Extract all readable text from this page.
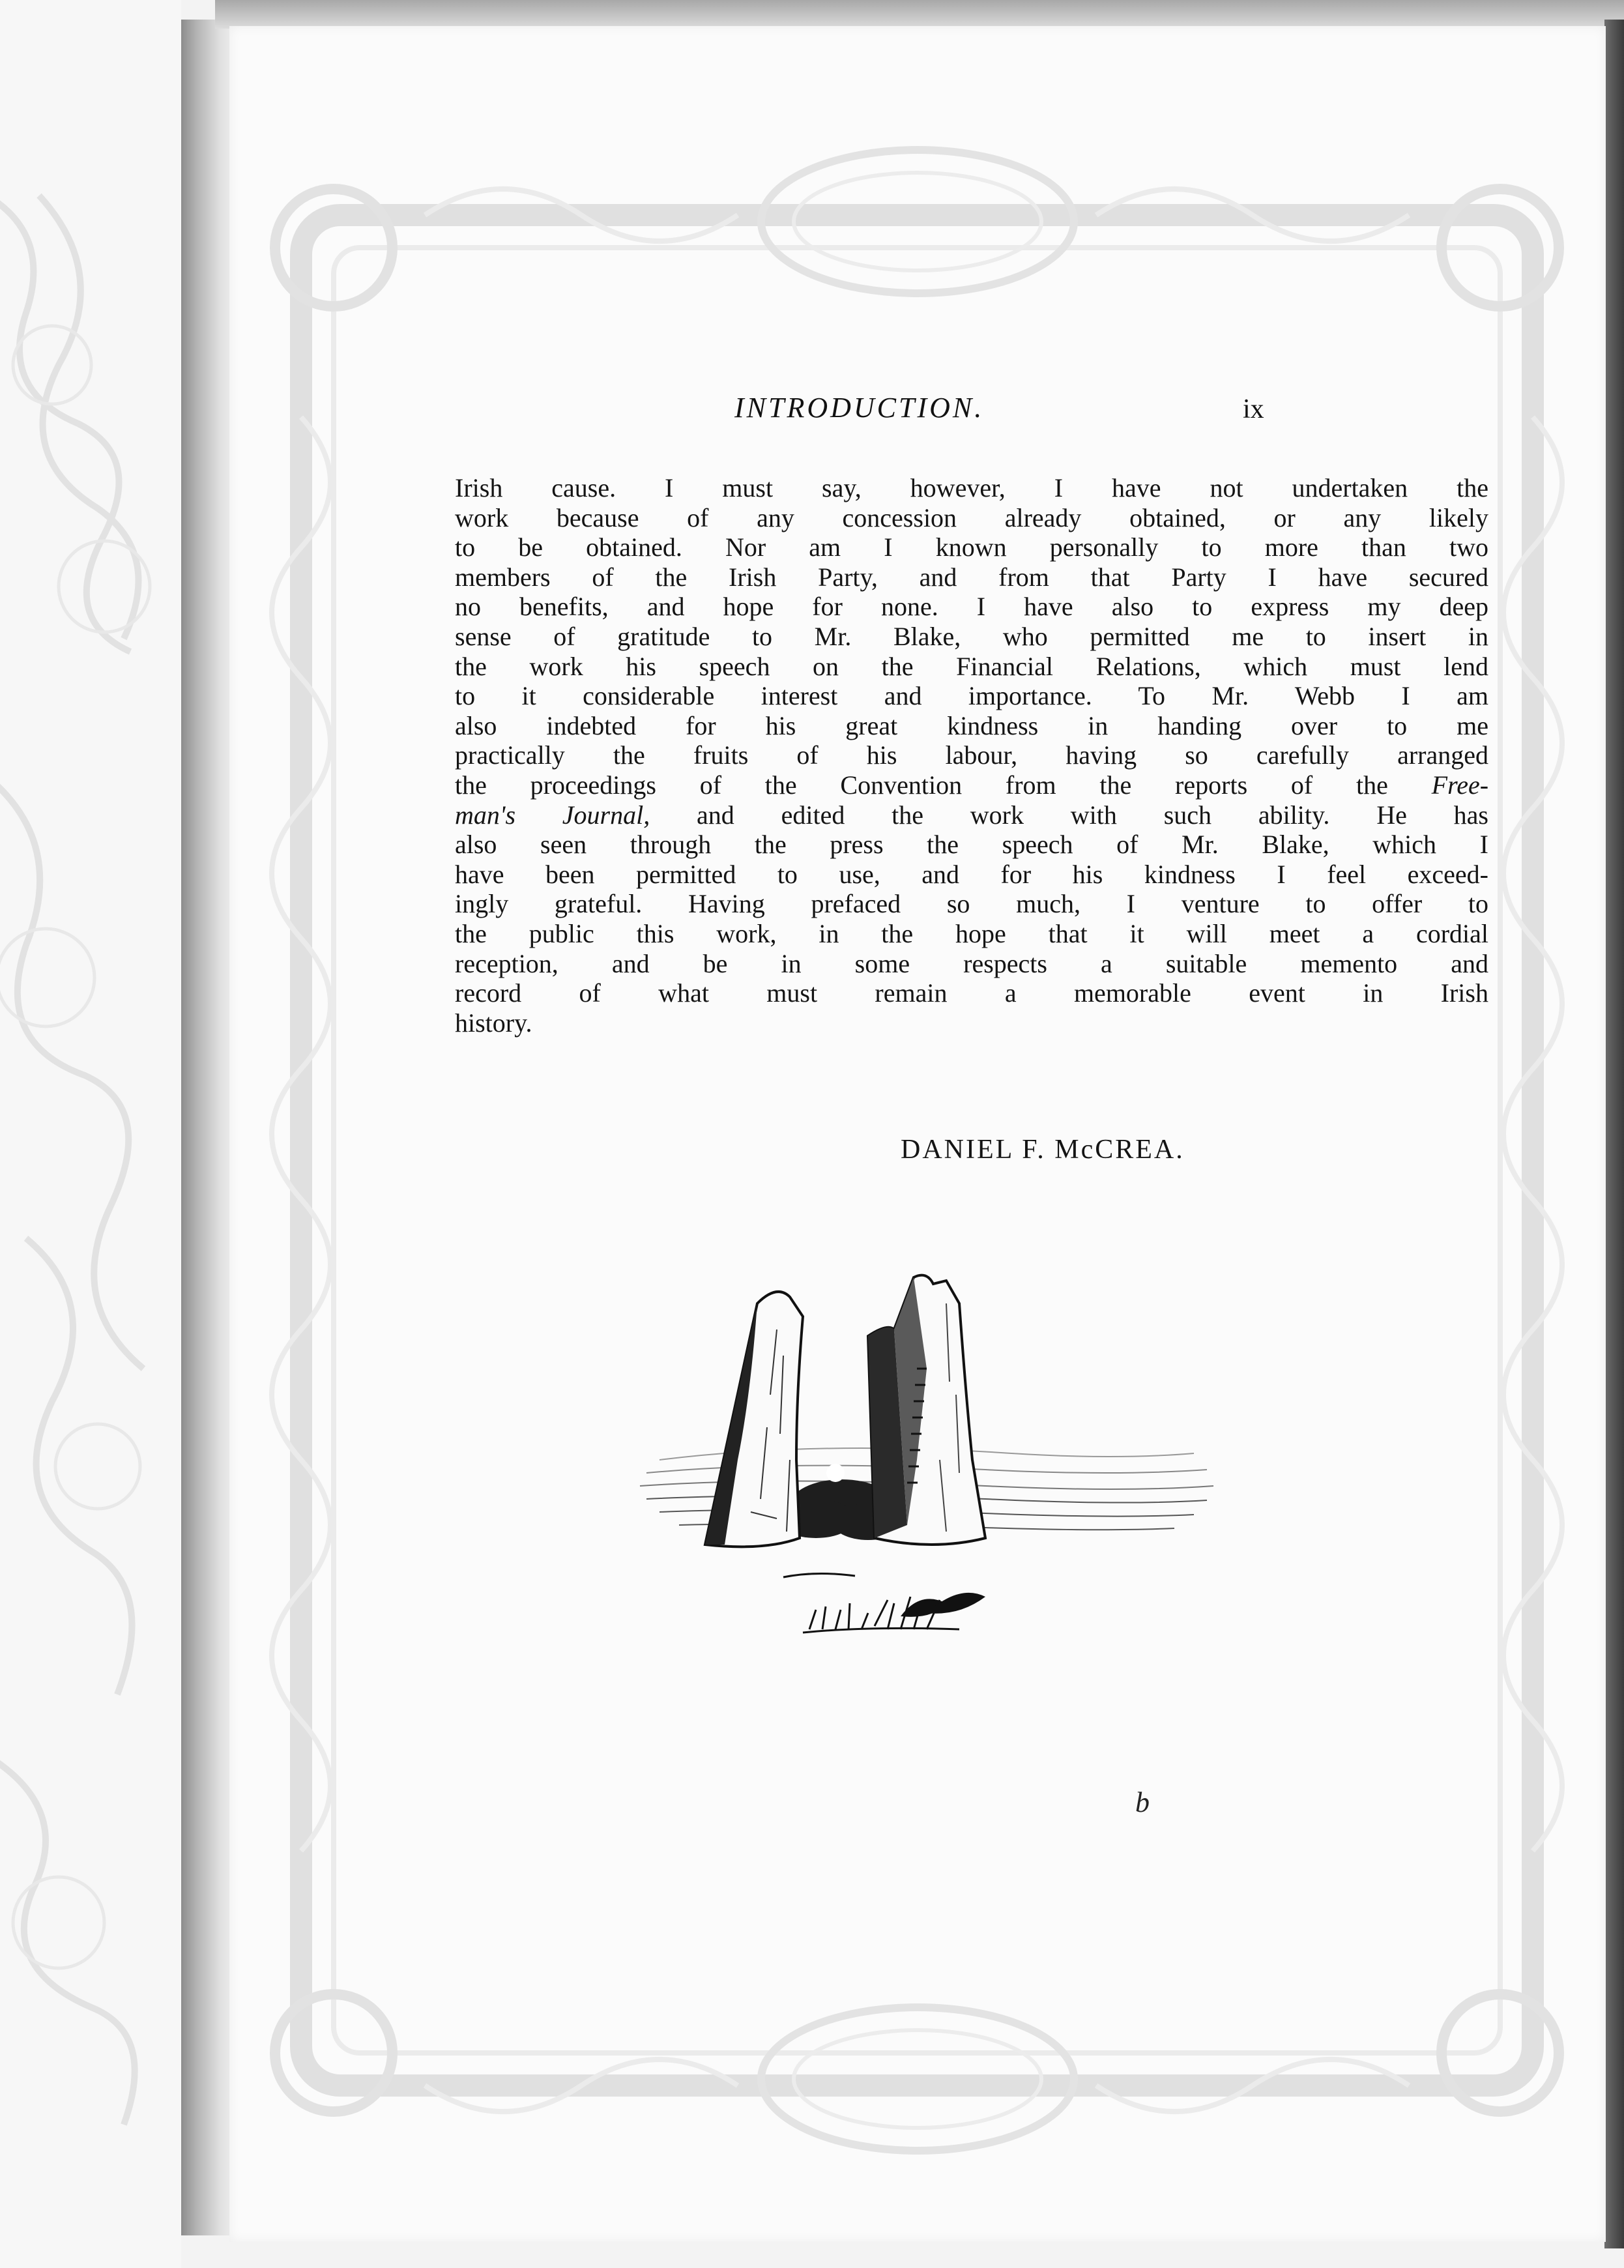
INTRODUCTION.	ix
Irish cause. I must say, however, I have not undertaken the
work because of any concession already obtained, or any likely
to be obtained. Nor am I known personally to more than two
members of the Irish Party, and from that Party I have secured
no benefits, and hope for none. I have also to express my deep
sense of gratitude to Mr. Blake, who permitted me to insert in
the work his speech on the Financial Relations, which must lend
to it considerable interest and importance. To Mr. Webb I am
also indebted for his great kindness in handing over to me
practically the fruits of his labour, having so carefully arranged
the proceedings of the Convention from the reports of the Free-
man's Journal, and edited the work with such ability. He has
also seen through the press the speech of Mr. Blake, which I
have been permitted to use, and for his kindness I feel exceed-
ingly grateful. Having prefaced so much, I venture to offer to
the public this work, in the hope that it will meet a cordial
reception, and be in some respects a suitable memento and
record of what must remain a memorable event in Irish
history.
DANIEL F. McCREA.
b
